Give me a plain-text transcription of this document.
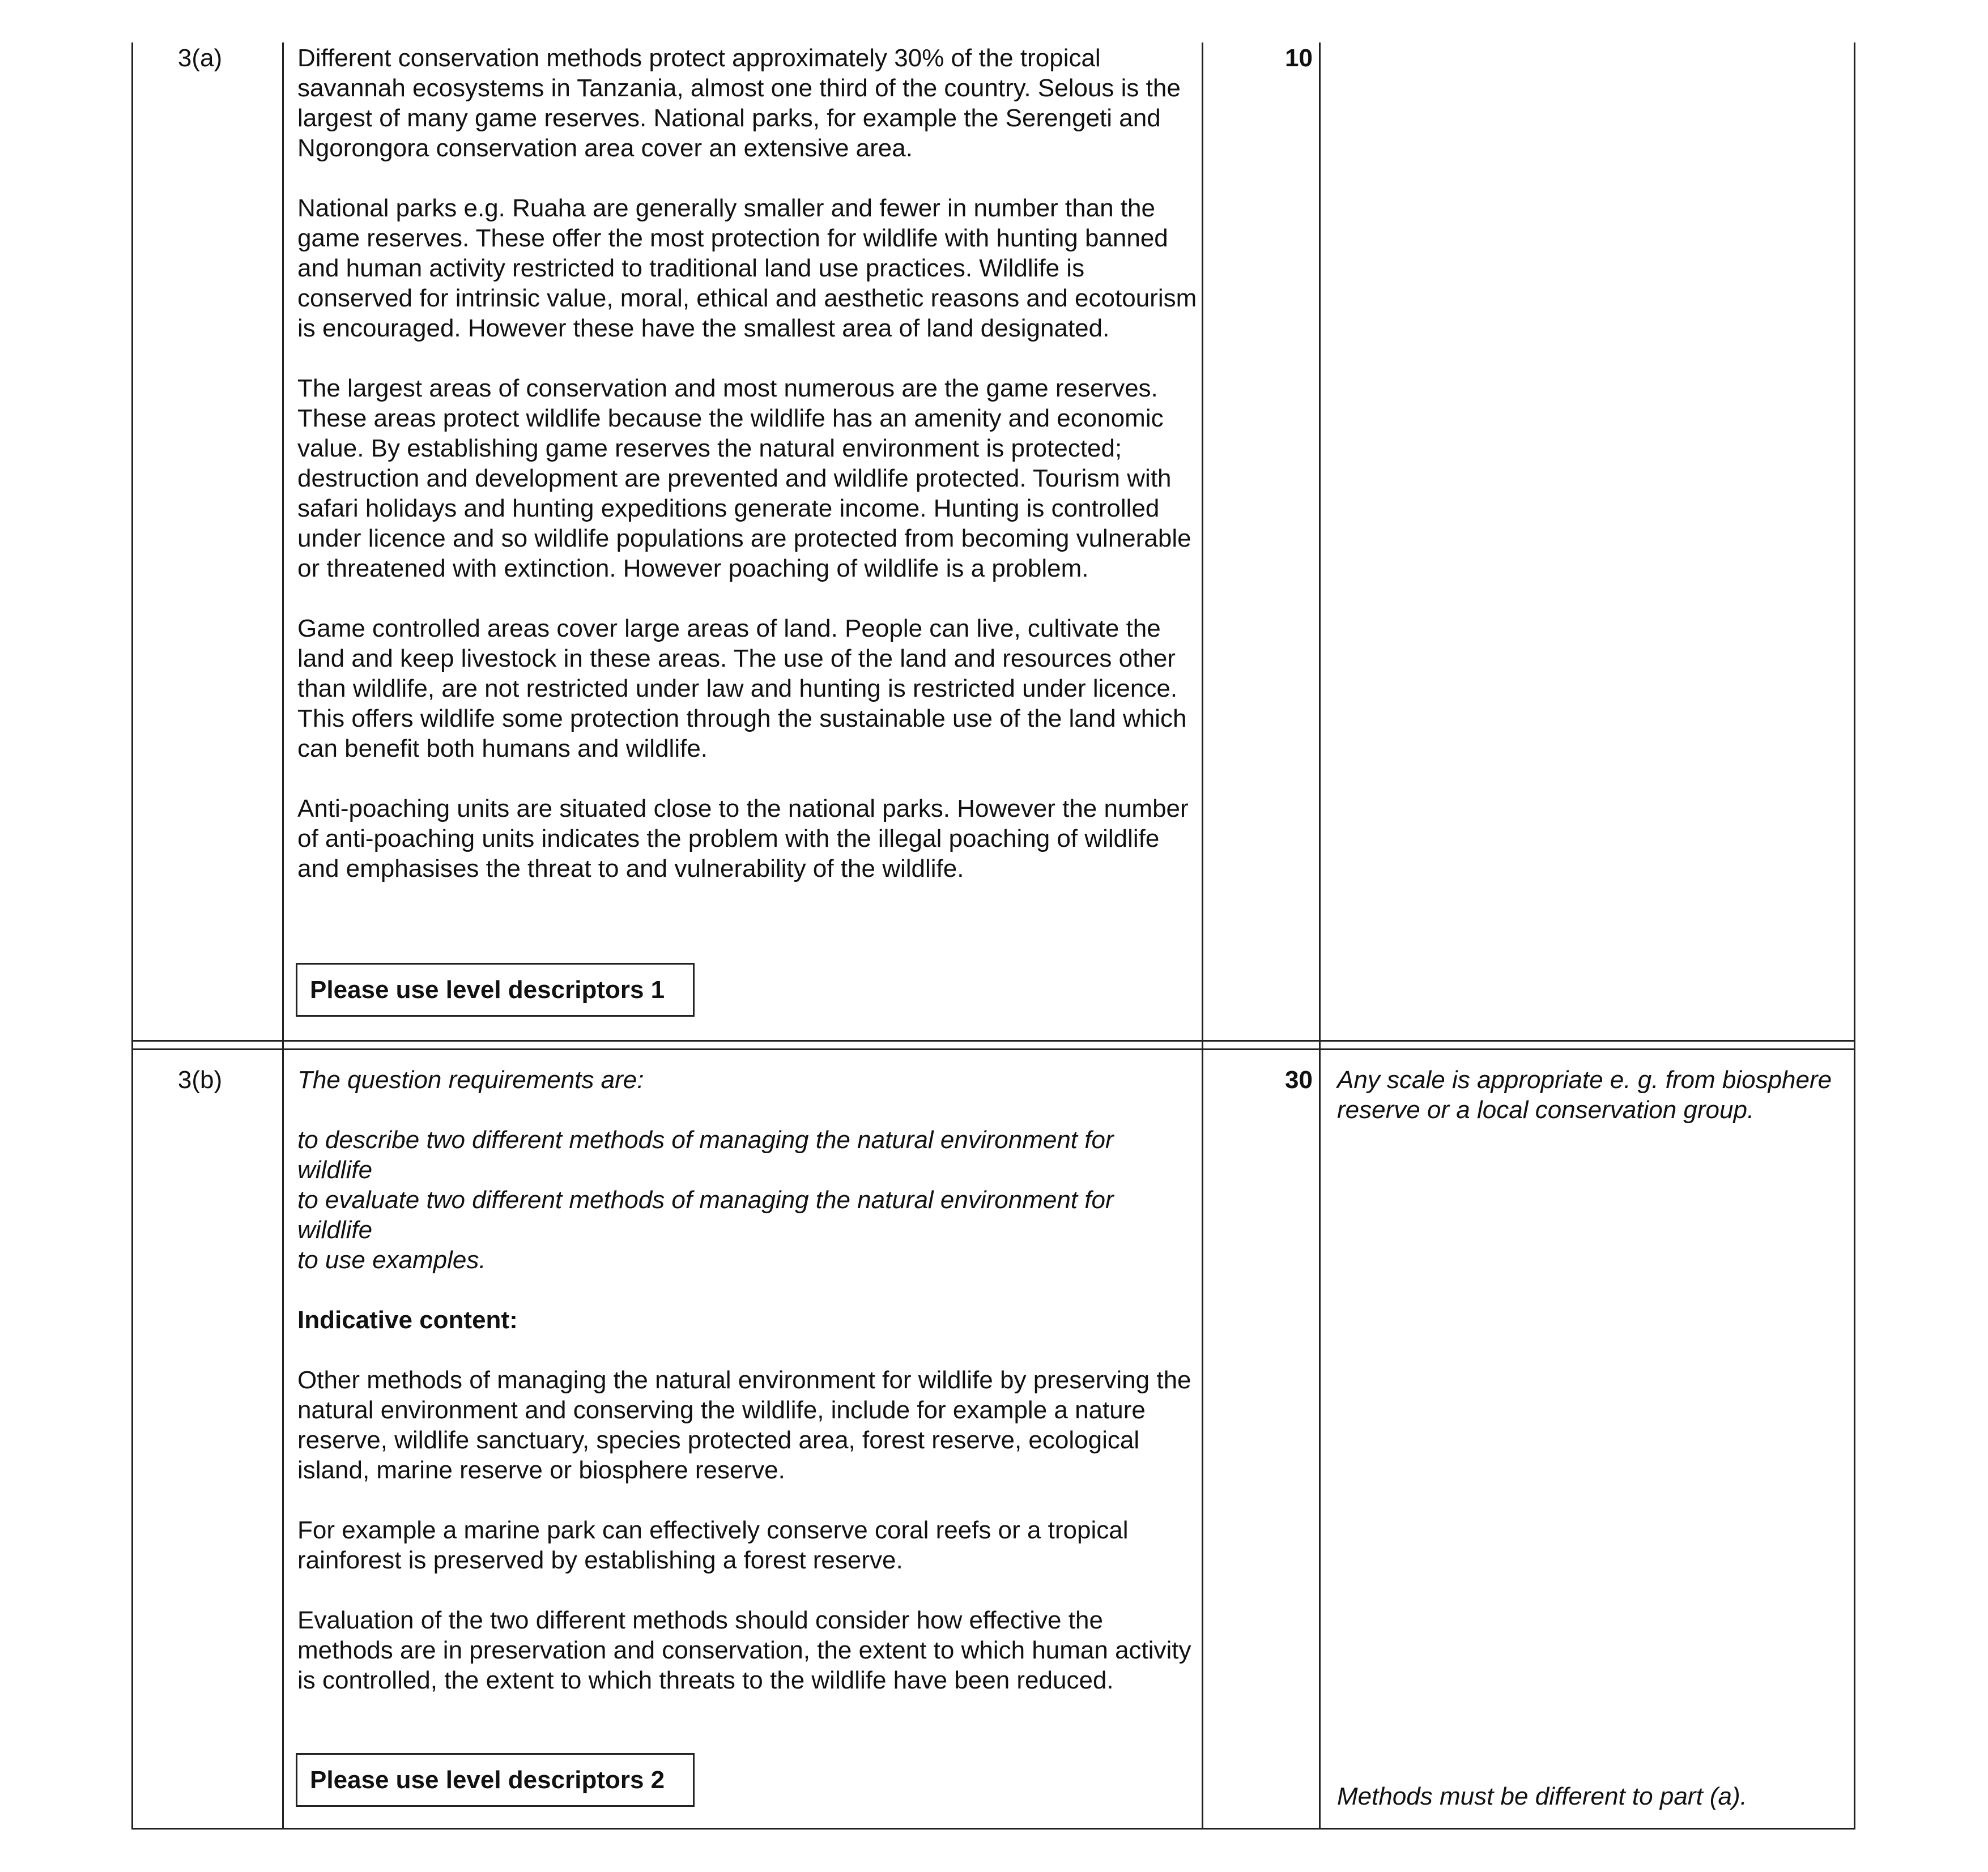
3(a)	Different conservation methods protect approximately 30% of the tropical savannah ecosystems in Tanzania, almost one third of the country. Selous is the largest of many game reserves. National parks, for example the Serengeti and Ngorongora conservation area cover an extensive area.

National parks e.g. Ruaha are generally smaller and fewer in number than the game reserves. These offer the most protection for wildlife with hunting banned and human activity restricted to traditional land use practices. Wildlife is conserved for intrinsic value, moral, ethical and aesthetic reasons and ecotourism is encouraged. However these have the smallest area of land designated.

The largest areas of conservation and most numerous are the game reserves. These areas protect wildlife because the wildlife has an amenity and economic value. By establishing game reserves the natural environment is protected; destruction and development are prevented and wildlife protected. Tourism with safari holidays and hunting expeditions generate income. Hunting is controlled under licence and so wildlife populations are protected from becoming vulnerable or threatened with extinction. However poaching of wildlife is a problem.

Game controlled areas cover large areas of land. People can live, cultivate the land and keep livestock in these areas. The use of the land and resources other than wildlife, are not restricted under law and hunting is restricted under licence. This offers wildlife some protection through the sustainable use of the land which can benefit both humans and wildlife.

Anti-poaching units are situated close to the national parks. However the number of anti-poaching units indicates the problem with the illegal poaching of wildlife and emphasises the threat to and vulnerability of the wildlife.

Please use level descriptors 1
10
3(b)	The question requirements are:

to describe two different methods of managing the natural environment for wildlife

to evaluate two different methods of managing the natural environment for wildlife

to use examples.

Indicative content:

Other methods of managing the natural environment for wildlife by preserving the natural environment and conserving the wildlife, include for example a nature reserve, wildlife sanctuary, species protected area, forest reserve, ecological island, marine reserve or biosphere reserve.

For example a marine park can effectively conserve coral reefs or a tropical rainforest is preserved by establishing a forest reserve.

Evaluation of the two different methods should consider how effective the methods are in preservation and conservation, the extent to which human activity is controlled, the extent to which threats to the wildlife have been reduced.

Please use level descriptors 2
30 Any scale is appropriate e. g. from biosphere reserve or a local conservation group.
Methods must be different to part (a).
